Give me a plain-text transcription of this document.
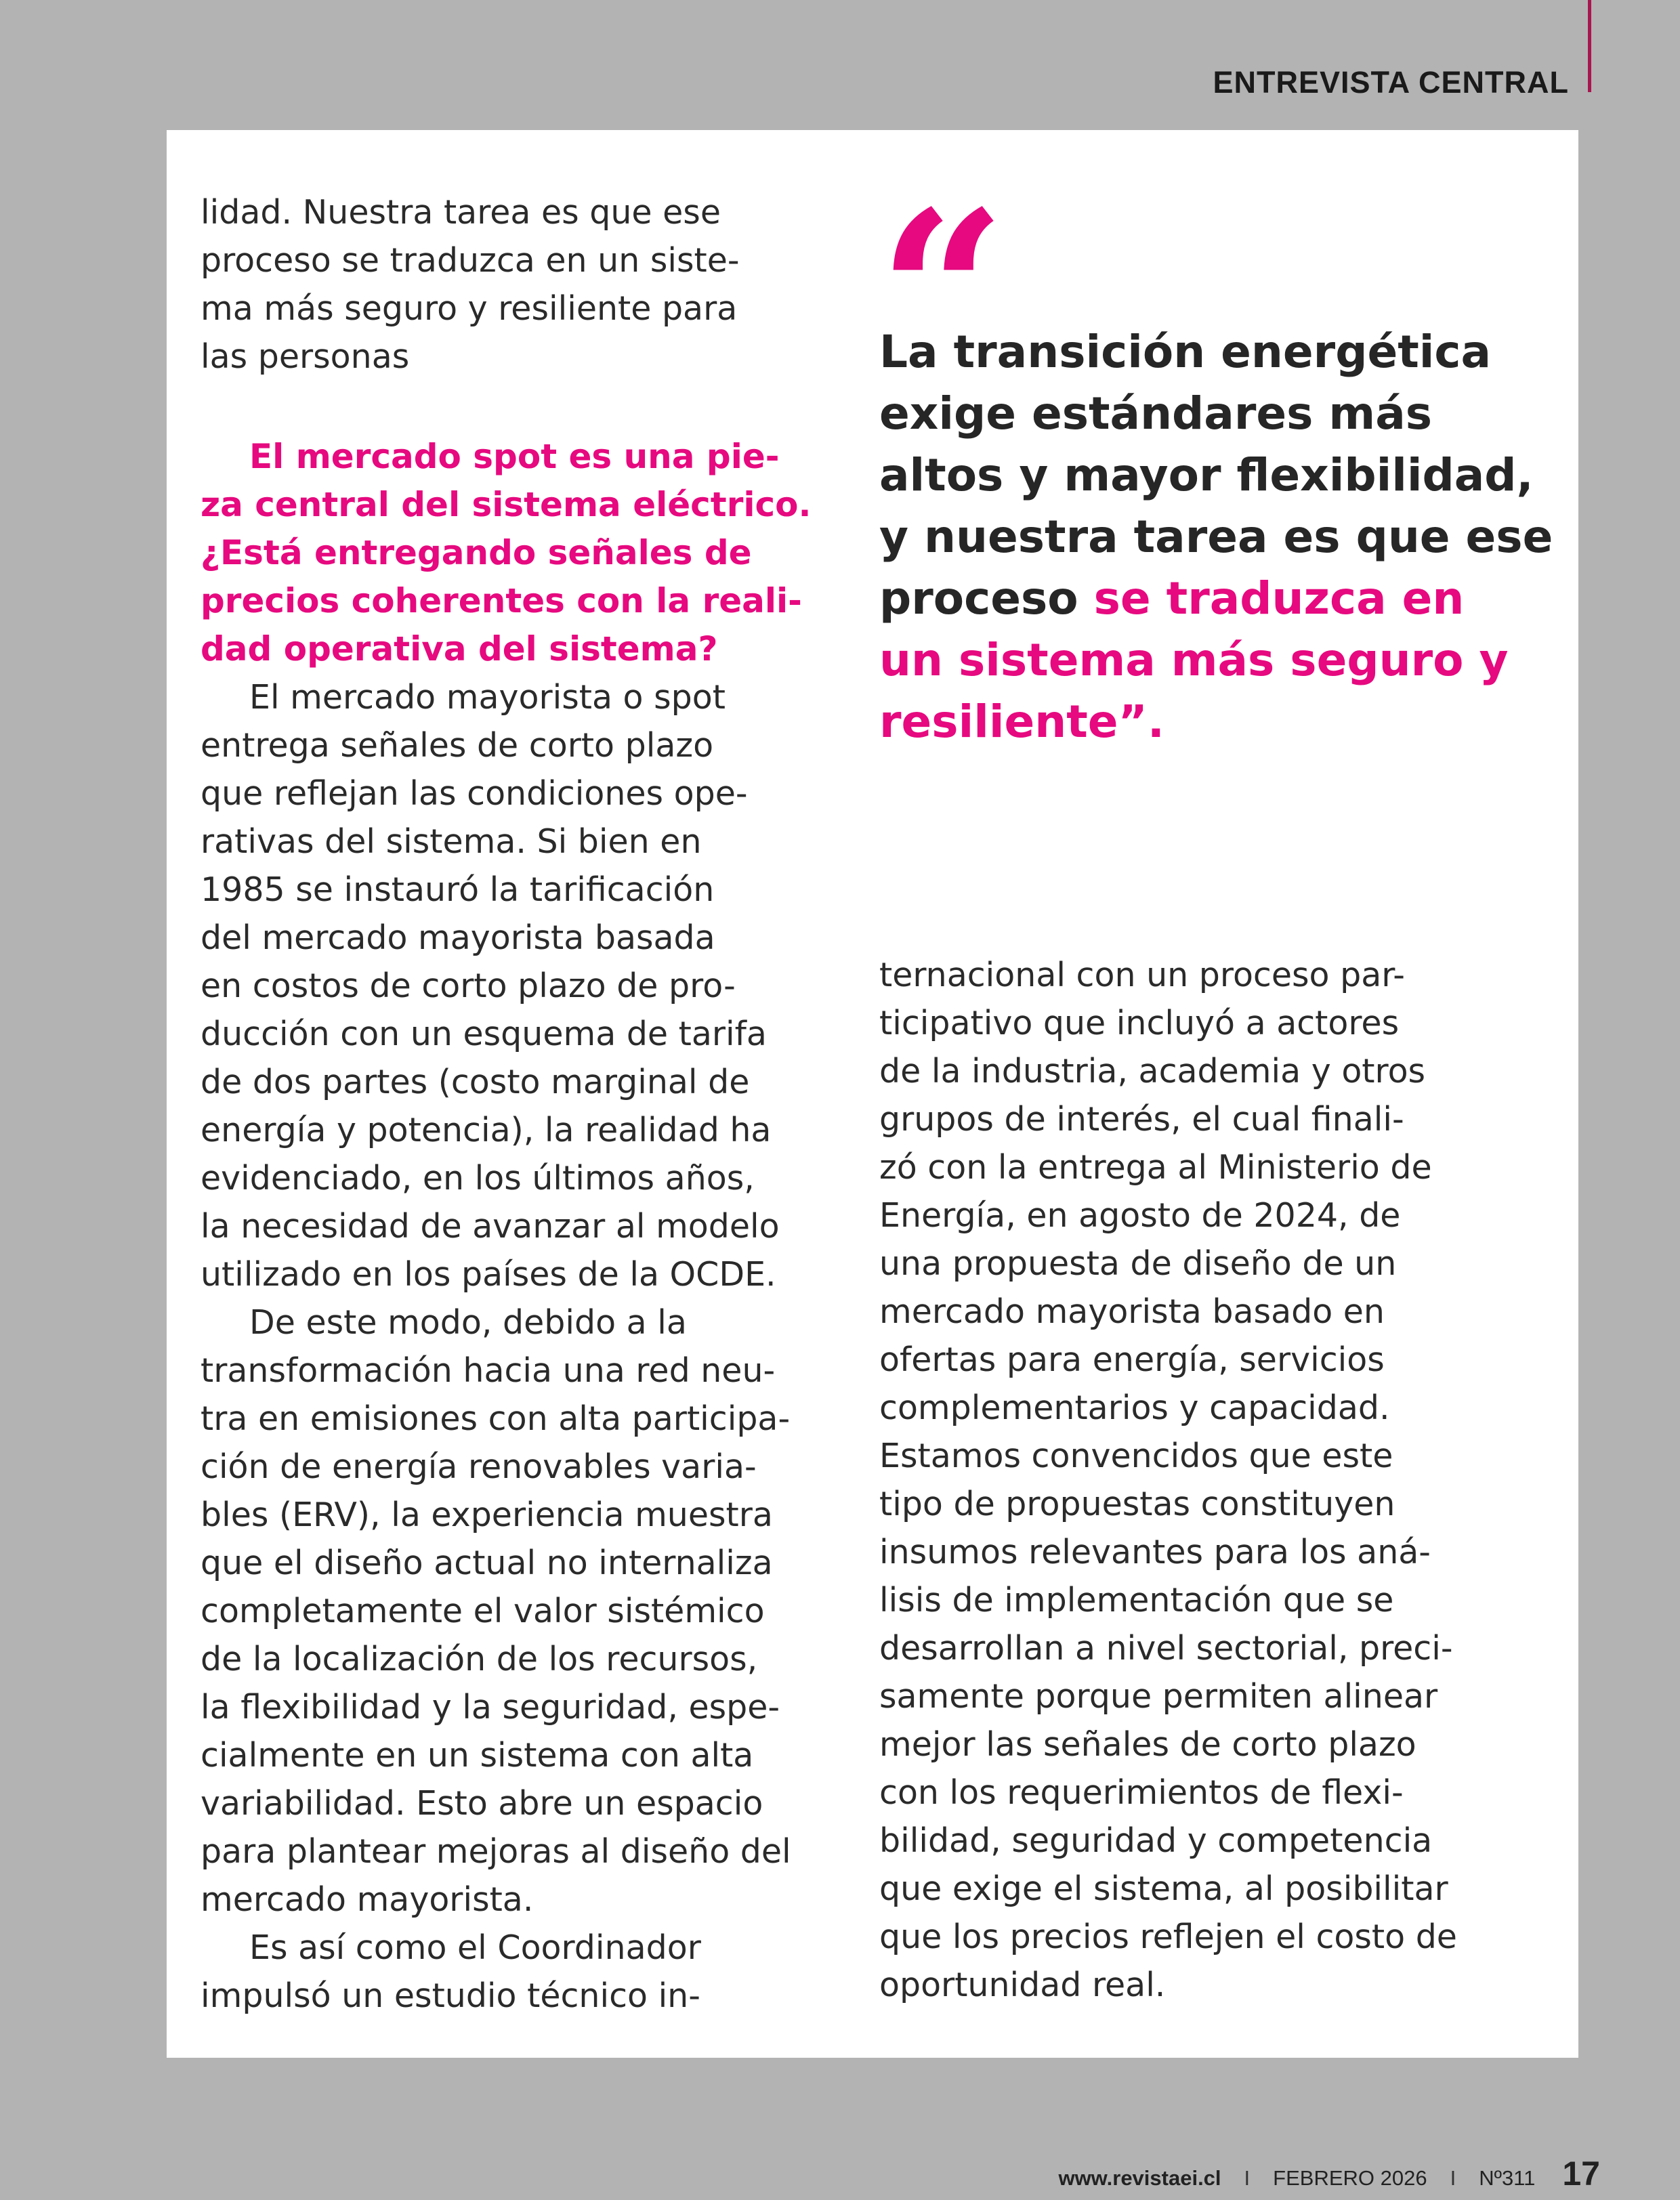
ENTREVISTA CENTRAL
lidad. Nuestra tarea es que ese
proceso se traduzca en un siste-
ma más seguro y resiliente para
las personas
El mercado spot es una pie-
za central del sistema eléctrico.
¿Está entregando señales de
precios coherentes con la reali-
dad operativa del sistema?
El mercado mayorista o spot
entrega señales de corto plazo
que reflejan las condiciones ope-
rativas del sistema. Si bien en
1985 se instauró la tarificación
del mercado mayorista basada
en costos de corto plazo de pro-
ducción con un esquema de tarifa
de dos partes (costo marginal de
energía y potencia), la realidad ha
evidenciado, en los últimos años,
la necesidad de avanzar al modelo
utilizado en los países de la OCDE.
De este modo, debido a la
transformación hacia una red neu-
tra en emisiones con alta participa-
ción de energía renovables varia-
bles (ERV), la experiencia muestra
que el diseño actual no internaliza
completamente el valor sistémico
de la localización de los recursos,
la flexibilidad y la seguridad, espe-
cialmente en un sistema con alta
variabilidad. Esto abre un espacio
para plantear mejoras al diseño del
mercado mayorista.
Es así como el Coordinador
impulsó un estudio técnico in-
“
La transición energética
exige estándares más
altos y mayor flexibilidad,
y nuestra tarea es que ese
proceso se traduzca en
un sistema más seguro y
resiliente”.
ternacional con un proceso par-
ticipativo que incluyó a actores
de la industria, academia y otros
grupos de interés, el cual finali-
zó con la entrega al Ministerio de
Energía, en agosto de 2024, de
una propuesta de diseño de un
mercado mayorista basado en
ofertas para energía, servicios
complementarios y capacidad.
Estamos convencidos que este
tipo de propuestas constituyen
insumos relevantes para los aná-
lisis de implementación que se
desarrollan a nivel sectorial, preci-
samente porque permiten alinear
mejor las señales de corto plazo
con los requerimientos de flexi-
bilidad, seguridad y competencia
que exige el sistema, al posibilitar
que los precios reflejen el costo de
oportunidad real.
www.revistaei.cl I FEBRERO 2026 I Nº311 17
